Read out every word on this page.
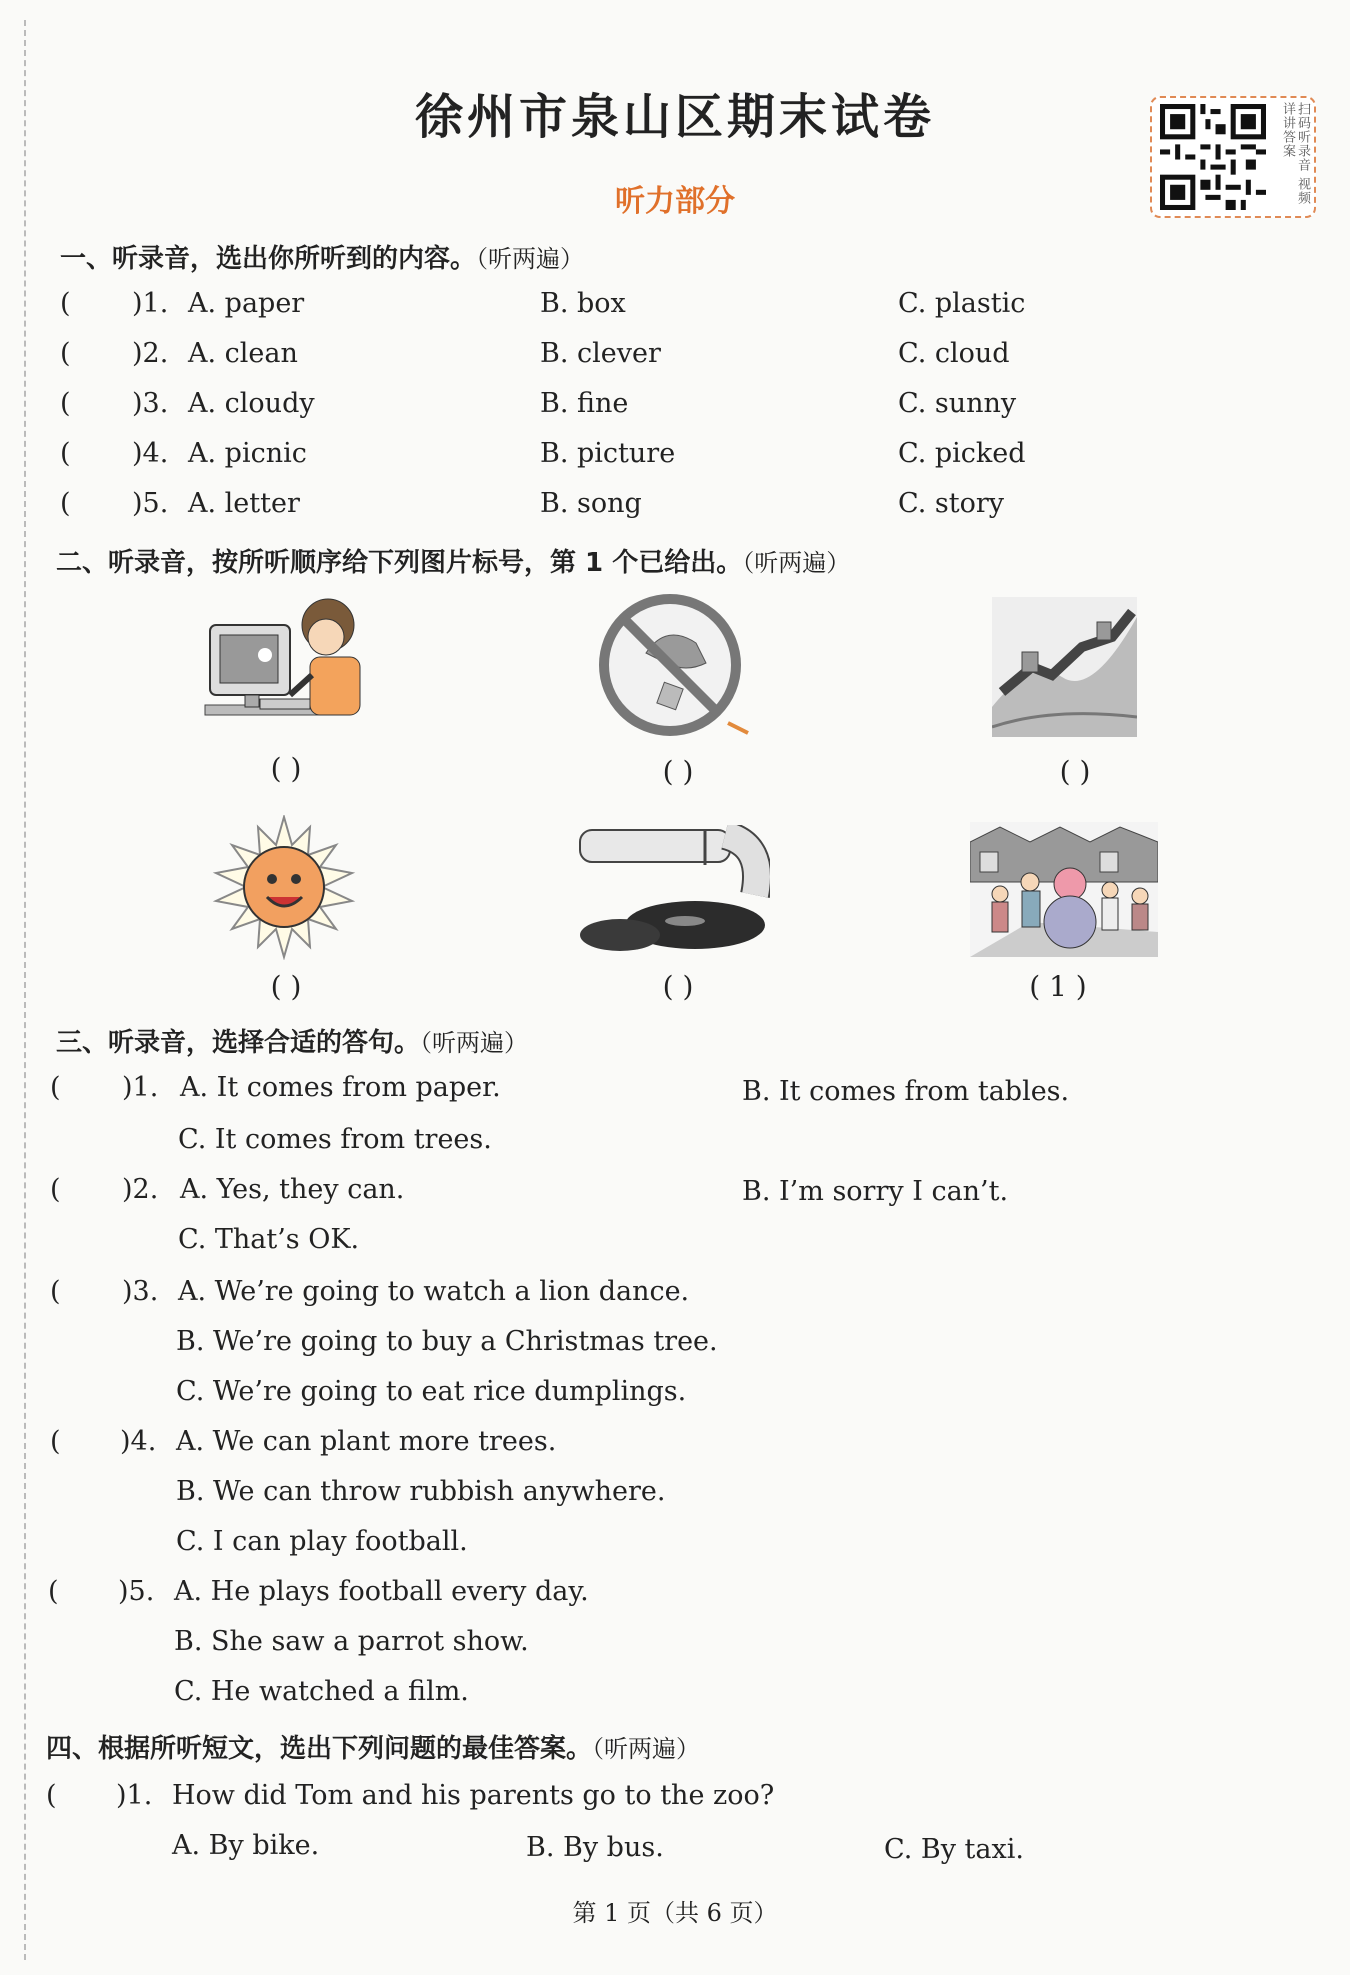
徐州市泉山区期末试卷
听力部分	扫码听录音 视频详讲答案
一、听录音，选出你所听到的内容。（听两遍）
( )1. A. paper	B. box	C. plastic
( )2. A. clean	B. clever	C. cloud
( )3. A. cloudy	B. fine	C. sunny
( )4. A. picnic	B. picture	C. picked
( )5. A. letter	B. song	C. story
二、听录音，按所听顺序给下列图片标号，第 1 个已给出。（听两遍）
( )	( )	( )
( )	( )	( 1 )
三、听录音，选择合适的答句。（听两遍）
( )1. A. It comes from paper.	B. It comes from tables.
C. It comes from trees.
( )2. A. Yes, they can.	B. I’m sorry I can’t.
C. That’s OK.
( )3. A. We’re going to watch a lion dance.
B. We’re going to buy a Christmas tree.
C. We’re going to eat rice dumplings.
( )4. A. We can plant more trees.
B. We can throw rubbish anywhere.
C. I can play football.
( )5. A. He plays football every day.
B. She saw a parrot show.
C. He watched a film.
四、根据所听短文，选出下列问题的最佳答案。（听两遍）
( )1. How did Tom and his parents go to the zoo?
A. By bike.	B. By bus.	C. By taxi.
第 1 页（共 6 页）
